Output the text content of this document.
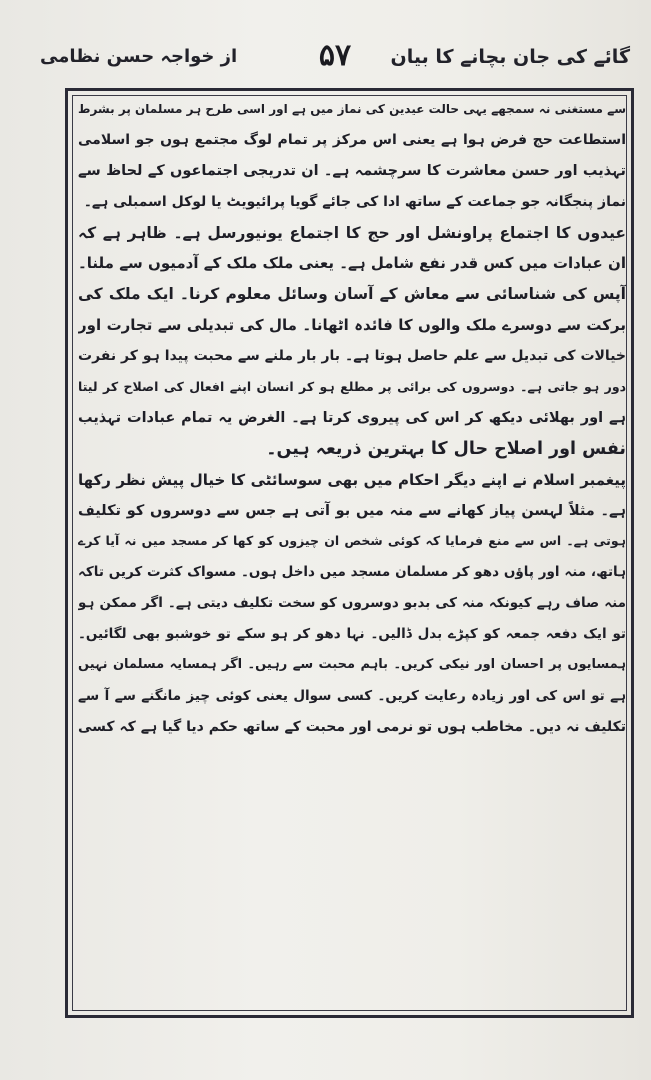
گائے کی جان بچانے کا بیان
۵۷
از خواجہ حسن نظامی
سے مستغنی نہ سمجھے یہی حالت عیدین کی نماز میں ہے اور اسی طرح ہر مسلمان پر بشرط
استطاعت حج فرض ہوا ہے یعنی اس مرکز پر تمام لوگ مجتمع ہوں جو اسلامی
تہذیب اور حسن معاشرت کا سرچشمہ ہے۔ ان تدریجی اجتماعوں کے لحاظ سے
نماز پنجگانہ جو جماعت کے ساتھ ادا کی جائے گویا پرائیویٹ یا لوکل اسمبلی ہے۔
عیدوں کا اجتماع پراونشل اور حج کا اجتماع یونیورسل ہے۔ ظاہر ہے کہ
ان عبادات میں کس قدر نفع شامل ہے۔ یعنی ملک ملک کے آدمیوں سے ملنا۔
آپس کی شناسائی سے معاش کے آسان وسائل معلوم کرنا۔ ایک ملک کی
برکت سے دوسرے ملک والوں کا فائدہ اٹھانا۔ مال کی تبدیلی سے تجارت اور
خیالات کی تبدیل سے علم حاصل ہوتا ہے۔ بار بار ملنے سے محبت پیدا ہو کر نفرت
دور ہو جاتی ہے۔ دوسروں کی برائی پر مطلع ہو کر انسان اپنے افعال کی اصلاح کر لیتا
ہے اور بھلائی دیکھ کر اس کی پیروی کرتا ہے۔ الغرض یہ تمام عبادات تہذیب
نفس اور اصلاح حال کا بہترین ذریعہ ہیں۔
پیغمبر اسلام نے اپنے دیگر احکام میں بھی سوسائٹی کا خیال پیش نظر رکھا
ہے۔ مثلاً لہسن پیاز کھانے سے منہ میں بو آتی ہے جس سے دوسروں کو تکلیف
ہوتی ہے۔ اس سے منع فرمایا کہ کوئی شخص ان چیزوں کو کھا کر مسجد میں نہ آیا کرے
ہاتھ، منہ اور پاؤں دھو کر مسلمان مسجد میں داخل ہوں۔ مسواک کثرت کریں تاکہ
منہ صاف رہے کیونکہ منہ کی بدبو دوسروں کو سخت تکلیف دیتی ہے۔ اگر ممکن ہو
تو ایک دفعہ جمعہ کو کپڑے بدل ڈالیں۔ نہا دھو کر ہو سکے تو خوشبو بھی لگائیں۔
ہمسایوں پر احسان اور نیکی کریں۔ باہم محبت سے رہیں۔ اگر ہمسایہ مسلمان نہیں
ہے تو اس کی اور زیادہ رعایت کریں۔ کسی سوال یعنی کوئی چیز مانگنے سے آ سے
تکلیف نہ دیں۔ مخاطب ہوں تو نرمی اور محبت کے ساتھ حکم دیا گیا ہے کہ کسی
